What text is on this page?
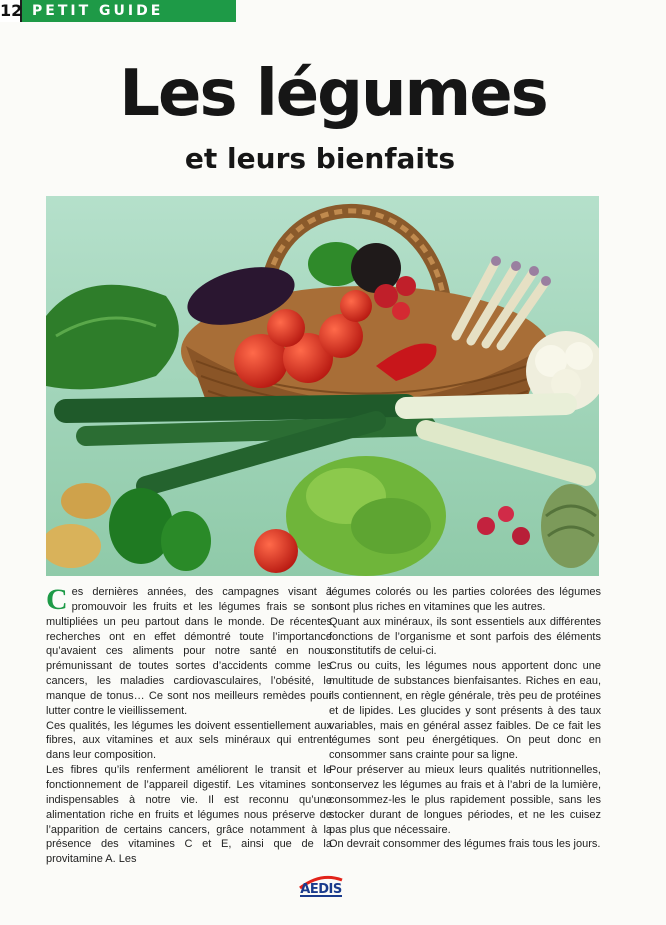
12 PETIT GUIDE
Les légumes
et leurs bienfaits

Ces dernières années, des campagnes visant à promouvoir les fruits et les légumes frais se sont multipliées un peu partout dans le monde. De récentes recherches ont en effet démontré toute l’importance qu’avaient ces aliments pour notre santé en nous prémunissant de toutes sortes d’accidents comme les cancers, les maladies cardiovasculaires, l’obésité, le manque de tonus… Ce sont nos meilleurs remèdes pour lutter contre le vieillissement.

Ces qualités, les légumes les doivent essentiellement aux fibres, aux vitamines et aux sels minéraux qui entrent dans leur composition.

Les fibres qu’ils renferment améliorent le transit et le fonctionnement de l’appareil digestif. Les vitamines sont indispensables à notre vie. Il est reconnu qu’une alimentation riche en fruits et légumes nous préserve de l’apparition de certains cancers, grâce notamment à la présence des vitamines C et E, ainsi que de la provitamine A. Les

légumes colorés ou les parties colorées des légumes sont plus riches en vitamines que les autres.

Quant aux minéraux, ils sont essentiels aux différentes fonctions de l’organisme et sont parfois des éléments constitutifs de celui-ci.

Crus ou cuits, les légumes nous apportent donc une multitude de substances bienfaisantes. Riches en eau, ils contiennent, en règle générale, très peu de protéines et de lipides. Les glucides y sont présents à des taux variables, mais en général assez faibles. De ce fait les légumes sont peu énergétiques. On peut donc en consommer sans crainte pour sa ligne.

Pour préserver au mieux leurs qualités nutritionnelles, conservez les légumes au frais et à l’abri de la lumière, consommez-les le plus rapidement possible, sans les stocker durant de longues périodes, et ne les cuisez pas plus que nécessaire.

On devrait consommer des légumes frais tous les jours.

AEDIS
